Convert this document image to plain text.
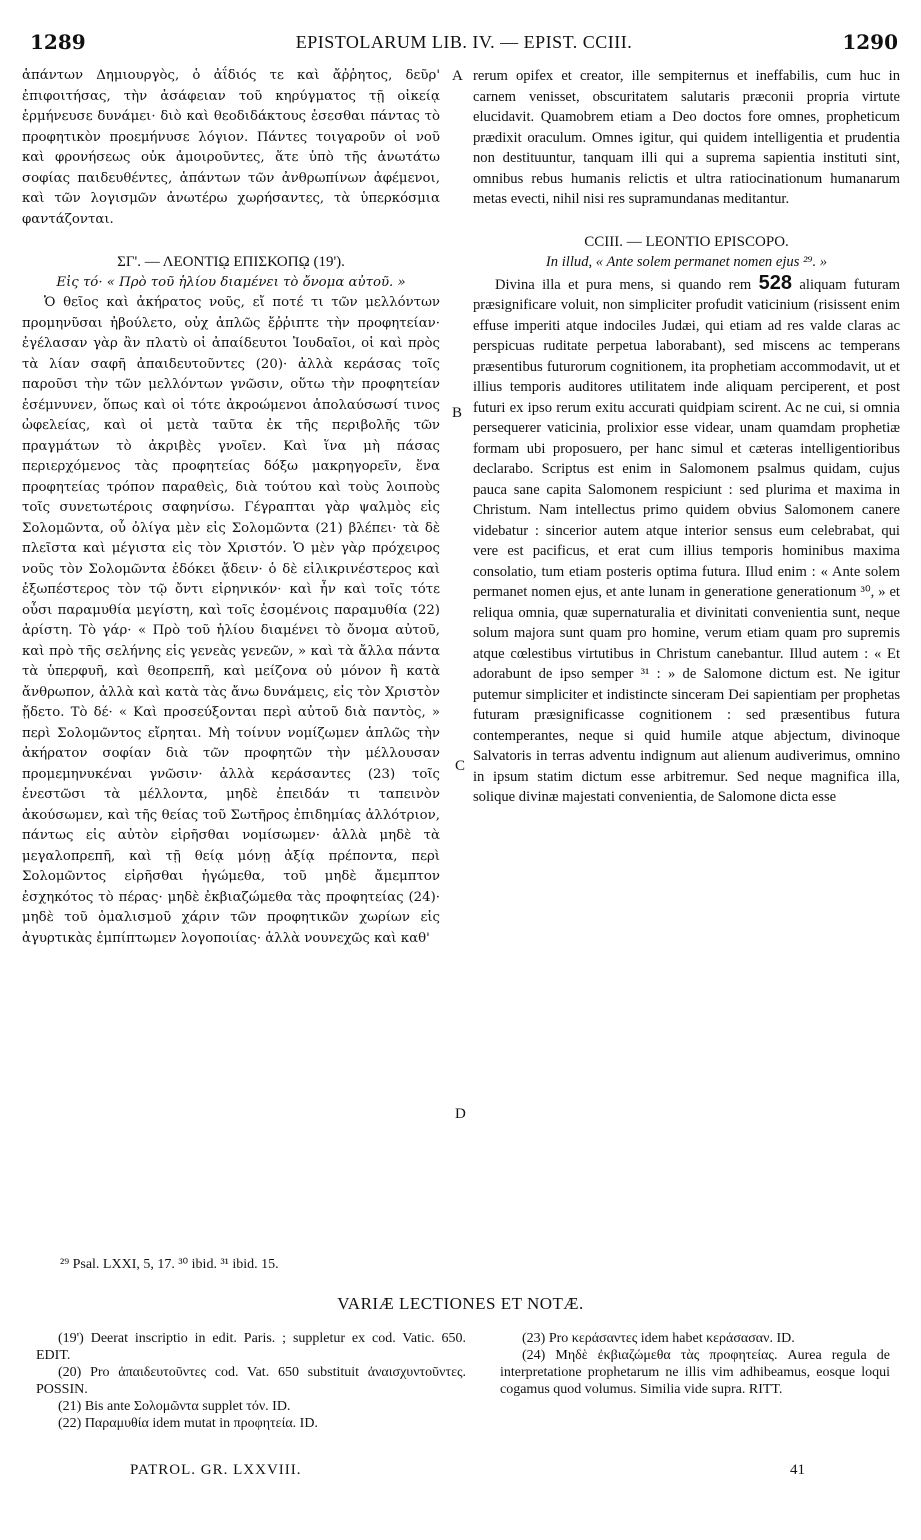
1289	EPISTOLARUM LIB. IV. — EPIST. CCIII.	1290

ἁπάντων Δημιουργὸς, ὁ ἀΐδιός τε καὶ ἄῤῥητος, δεῦρ' ἐπιφοιτήσας, τὴν ἀσάφειαν τοῦ κηρύγματος τῇ οἰκείᾳ ἑρμήνευσε δυνάμει· διὸ καὶ θεοδιδάκτους ἐσεσθαι πάντας τὸ προφητικὸν προεμήνυσε λόγιον. Πάντες τοιγαροῦν οἱ νοῦ καὶ φρονήσεως οὐκ ἀμοιροῦντες, ἅτε ὑπὸ τῆς ἀνωτάτω σοφίας παιδευθέντες, ἁπάντων τῶν ἀνθρωπίνων ἀφέμενοι, καὶ τῶν λογισμῶν ἀνωτέρω χωρήσαντες, τὰ ὑπερκόσμια φαντάζονται.

ΣΓ'. — ΛΕΟΝΤΙῼ ΕΠΙΣΚΟΠῼ (19').
Εἰς τό· « Πρὸ τοῦ ἡλίου διαμένει τὸ ὄνομα αὐτοῦ. »

Ὁ θεῖος καὶ ἀκήρατος νοῦς, εἴ ποτέ τι τῶν μελλόντων προμηνῦσαι ἠβούλετο, οὐχ ἁπλῶς ἔῤῥιπτε τὴν προφητείαν· ἐγέλασαν γὰρ ἂν πλατὺ οἱ ἀπαίδευτοι Ἰουδαῖοι, οἱ καὶ πρὸς τὰ λίαν σαφῆ ἀπαιδευτοῦντες (20)· ἀλλὰ κεράσας τοῖς παροῦσι τὴν τῶν μελλόντων γνῶσιν, οὕτω τὴν προφητείαν ἐσέμνυνεν, ὅπως καὶ οἱ τότε ἀκροώμενοι ἀπολαύσωσί τινος ὠφελείας, καὶ οἱ μετὰ ταῦτα ἐκ τῆς περιβολῆς τῶν πραγμάτων τὸ ἀκριβὲς γνοῖεν. Καὶ ἵνα μὴ πάσας περιερχόμενος τὰς προφητείας δόξω μακρηγορεῖν, ἕνα προφητείας τρόπον παραθεὶς, διὰ τούτου καὶ τοὺς λοιποὺς τοῖς συνετωτέροις σαφηνίσω. Γέγραπται γὰρ ψαλμὸς εἰς Σολομῶντα, οὗ ὀλίγα μὲν εἰς Σολομῶντα (21) βλέπει· τὰ δὲ πλεῖστα καὶ μέγιστα εἰς τὸν Χριστόν. Ὁ μὲν γὰρ πρόχειρος νοῦς τὸν Σολομῶντα ἐδόκει ᾄδειν· ὁ δὲ εἰλικρινέστερος καὶ ἐξωπέστερος τὸν τῷ ὄντι εἰρηνικόν· καὶ ἦν καὶ τοῖς τότε οὖσι παραμυθία μεγίστη, καὶ τοῖς ἐσομένοις παραμυθία (22) ἀρίστη. Τὸ γάρ· « Πρὸ τοῦ ἡλίου διαμένει τὸ ὄνομα αὐτοῦ, καὶ πρὸ τῆς σελήνης εἰς γενεὰς γενεῶν, » καὶ τὰ ἄλλα πάντα τὰ ὑπερφυῆ, καὶ θεοπρεπῆ, καὶ μείζονα οὐ μόνον ἢ κατὰ ἄνθρωπον, ἀλλὰ καὶ κατὰ τὰς ἄνω δυνάμεις, εἰς τὸν Χριστὸν ᾔδετο. Τὸ δέ· « Καὶ προσεύξονται περὶ αὐτοῦ διὰ παντὸς, » περὶ Σολομῶντος εἴρηται. Μὴ τοίνυν νομίζωμεν ἁπλῶς τὴν ἀκήρατον σοφίαν διὰ τῶν προφητῶν τὴν μέλλουσαν προμεμηνυκέναι γνῶσιν· ἀλλὰ κεράσαντες (23) τοῖς ἐνεστῶσι τὰ μέλλοντα, μηδὲ ἐπειδάν τι ταπεινὸν ἀκούσωμεν, καὶ τῆς θείας τοῦ Σωτῆρος ἐπιδημίας ἀλλότριον, πάντως εἰς αὐτὸν εἰρῆσθαι νομίσωμεν· ἀλλὰ μηδὲ τὰ μεγαλοπρεπῆ, καὶ τῇ θείᾳ μόνῃ ἀξίᾳ πρέποντα, περὶ Σολομῶντος εἰρῆσθαι ἡγώμεθα, τοῦ μηδὲ ἄμεμπτον ἐσχηκότος τὸ πέρας· μηδὲ ἐκβιαζώμεθα τὰς προφητείας (24)· μηδὲ τοῦ ὁμαλισμοῦ χάριν τῶν προφητικῶν χωρίων εἰς ἀγυρτικὰς ἐμπίπτωμεν λογοποιίας· ἀλλὰ νουνεχῶς καὶ καθ'

rerum opifex et creator, ille sempiternus et ineffabilis, cum huc in carnem venisset, obscuritatem salutaris præconii propria virtute elucidavit. Quamobrem etiam a Deo doctos fore omnes, propheticum prædixit oraculum. Omnes igitur, qui quidem intelligentia et prudentia non destituuntur, tanquam illi qui a suprema sapientia instituti sint, omnibus rebus humanis relictis et ultra ratiocinationum humanarum metas evecti, nihil nisi res supramundanas meditantur.

CCIII. — LEONTIO EPISCOPO.
In illud, « Ante solem permanet nomen ejus ²⁹. »

Divina illa et pura mens, si quando rem 528 aliquam futuram præsignificare voluit, non simpliciter profudit vaticinium (risissent enim effuse imperiti atque indociles Judæi, qui etiam ad res valde claras ac perspicuas ruditate perpetua laborabant), sed miscens ac temperans præsentibus futurorum cognitionem, ita prophetiam accommodavit, ut et illius temporis auditores utilitatem inde aliquam perciperent, et post futuri ex ipso rerum exitu accurati quidpiam scirent. Ac ne cui, si omnia persequerer vaticinia, prolixior esse videar, unam quamdam prophetiæ formam ubi proposuero, per hanc simul et cæteras intelligentioribus declarabo. Scriptus est enim in Salomonem psalmus quidam, cujus pauca sane capita Salomonem respiciunt : sed plurima et maxima in Christum. Nam intellectus primo quidem obvius Salomonem canere videbatur : sincerior autem atque interior sensus eum celebrabat, qui vere est pacificus, et erat cum illius temporis hominibus maxima consolatio, tum etiam posteris optima futura. Illud enim : « Ante solem permanet nomen ejus, et ante lunam in generatione generationum ³⁰, » et reliqua omnia, quæ supernaturalia et divinitati convenientia sunt, neque solum majora sunt quam pro homine, verum etiam quam pro supremis atque cœlestibus virtutibus in Christum canebantur. Illud autem : « Et adorabunt de ipso semper ³¹ : » de Salomone dictum est. Ne igitur putemur simpliciter et indistincte sinceram Dei sapientiam per prophetas futuram præsignificasse cognitionem : sed præsentibus futura contemperantes, neque si quid humile atque abjectum, divinoque Salvatoris in terras adventu indignum aut alienum audiverimus, omnino in ipsum statim dictum esse arbitremur. Sed neque magnifica illa, solique divinæ majestati convenientia, de Salomone dicta esse

A
B
C
D
²⁹ Psal. LXXI, 5, 17. ³⁰ ibid. ³¹ ibid. 15.
VARIÆ LECTIONES ET NOTÆ.

(19') Deerat inscriptio in edit. Paris. ; suppletur ex cod. Vatic. 650. EDIT.

(20) Pro ἀπαιδευτοῦντες cod. Vat. 650 substituit ἀναισχυντοῦντες. POSSIN.

(21) Bis ante Σολομῶντα supplet τόν. ID.

(22) Παραμυθία idem mutat in προφητεία. ID.

(23) Pro κεράσαντες idem habet κεράσασαν. ID.

(24) Μηδὲ ἐκβιαζώμεθα τὰς προφητείας. Aurea regula de interpretatione prophetarum ne illis vim adhibeamus, eosque loqui cogamus quod volumus. Similia vide supra. RITT.

PATROL. GR. LXXVIII.	41
